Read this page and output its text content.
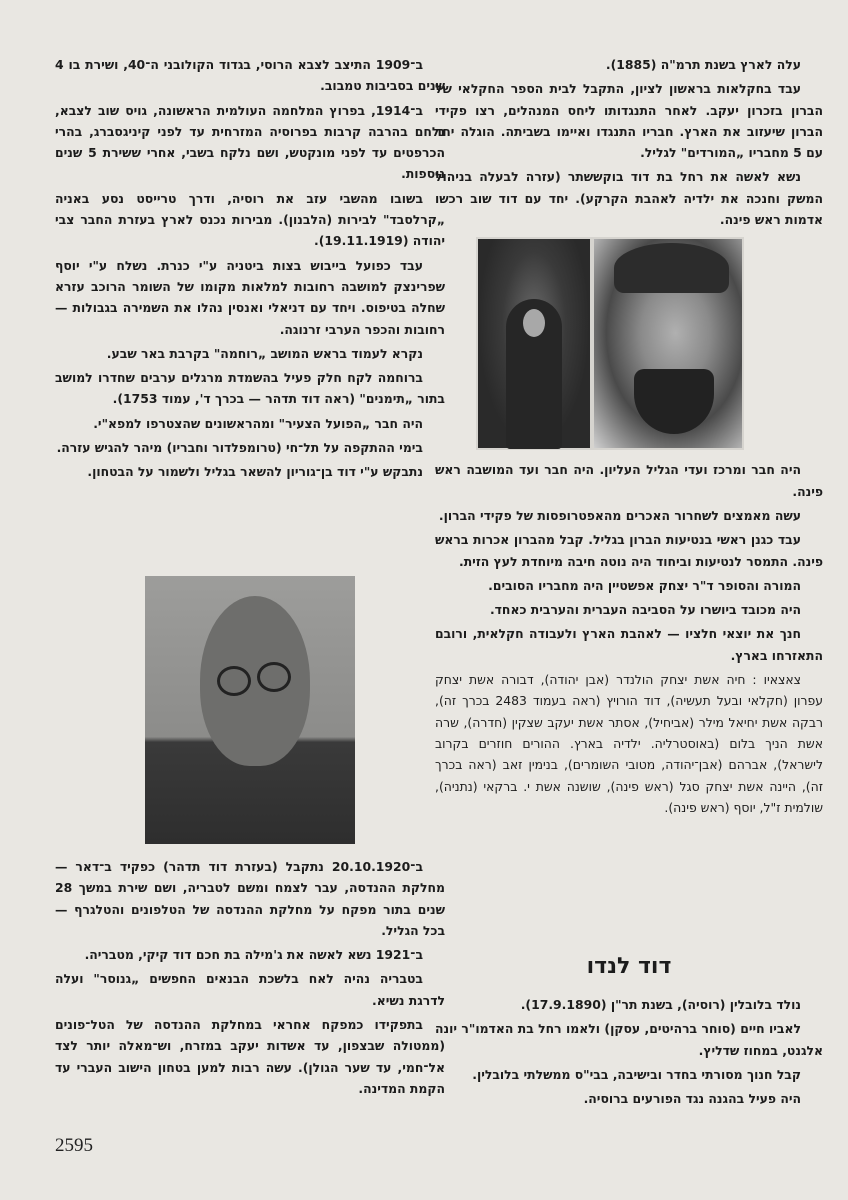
עלה לארץ בשנת תרמ"ה (1885).

עבד בחקלאות בראשון לציון, התקבל לבית הספר החקלאי של הברון בזכרון יעקב. לאחר התנגדותו ליחס המנהלים, רצו פקידי הברון שיעזוב את הארץ. חבריו התנגדו ואיימו בשביתה. הוגלה יחד עם 5 מחבריו „המורדים" לגליל.

נשא לאשה את רחל בת דוד בוקששתר (עזרה לבעלה בניהול המשק וחנכה את ילדיה לאהבת הקרקע). יחד עם דוד שוב רכשו אדמות ראש פינה.

היה חבר ומרכז ועדי הגליל העליון. היה חבר ועד המושבה ראש פינה.

עשה מאמצים לשחרור האכרים מהאפטרופסות של פקידי הברון.

עבד כגנן ראשי בנטיעות הברון בגליל. קבל מהברון אכרות בראש פינה. התמסר לנטיעות וביחוד היה נוטה חיבה מיוחדת לעץ הזית.

המורה והסופר ד"ר יצחק אפשטיין היה מחבריו הסובים.

היה מכובד ביושרו על הסביבה העברית והערבית כאחד.

חנך את יוצאי חלציו — לאהבת הארץ ולעבודה חקלאית, ורובם התאזרחו בארץ.

צאצאיו : חיה אשת יצחק הולנדר (אבן יהודה), דבורה אשת יצחק עפרון (חקלאי ובעל תעשיה), דוד הורויץ (ראה בעמוד 2483 בכרך זה), רבקה אשת יחיאל מילר (אביחיל), אסתר אשת יעקב שצקין (חדרה), שרה אשת הניך בלום (באוסטרליה. ילדיה בארץ. ההורים חוזרים בקרוב לישראל), אברהם (אבן־יהודה, מטובי השומרים), בנימין זאב (ראה בכרך זה), היינה אשת יצחק סגל (ראש פינה), שושנה אשת י. ברקאי (נתניה), שולמית ז"ל, יוסף (ראש פינה).

דוד לנדו

נולד בלובלין (רוסיה), בשנת תר"ן (17.9.1890).

לאביו חיים (סוחר ברהיטים, עסקן) ולאמו רחל בת האדמו"ר יונה אלגנט, במחוז שדליץ.

קבל חנוך מסורתי בחדר ובישיבה, בבי"ס ממשלתי בלובלין.

היה פעיל בהגנה נגד הפורעים ברוסיה.

ב־1909 התיצב לצבא הרוסי, בגדוד הקולובני ה־40, ושירת בו 4 שנים בסביבות טמבוב.

ב־1914, בפרוץ המלחמה העולמית הראשונה, גויס שוב לצבא, נלחם בהרבה קרבות בפרוסיה המזרחית עד לפני קיניגסברג, בהרי הכרפטים עד לפני מונקטש, ושם נלקח בשבי, אחרי ששירת 5 שנים נוספות.

בשובו מהשבי עזב את רוסיה, ודרך טרייסט נסע באניה „קרלסבד" לבירות (הלבנון). מבירות נכנס לארץ בעזרת החבר צבי יהודה (19.11.1919).

עבד כפועל בייבוש בצות ביטניה ע"י כנרת. נשלח ע"י יוסף שפרינצק למושבה רחובות למלאות מקומו של השומר הרוכב עזרא שחלה בטיפוס. ויחד עם דניאלי ואנסין נהלו את השמירה בגבולות — רחובות והכפר הערבי זרנוגה.

נקרא לעמוד בראש המושב „רוחמה" בקרבת באר שבע.

ברוחמה לקח חלק פעיל בהשמדת מרגלים ערבים שחדרו למושב בתור „תימנים" (ראה דוד תדהר — בכרך ד', עמוד 1753).

היה חבר „הפועל הצעיר" ומהראשונים שהצטרפו למפא"י.

בימי ההתקפה על תל־חי (טרומפלדור וחבריו) מיהר להגיש עזרה.

נתבקש ע"י דוד בן־גוריון להשאר בגליל ולשמור על הבטחון.

ב־20.10.1920 נתקבל (בעזרת דוד תדהר) כפקיד ב־דאר — מחלקת ההנדסה, עבר לצמח ומשם לטבריה, ושם שירת במשך 28 שנים בתור מפקח על מחלקת ההנדסה של הטלפונים והטלגרף — בכל הגליל.

ב־1921 נשא לאשה את ג'מילה בת חכם דוד קיקי, מטבריה.

בטבריה נהיה לאח בלשכת הבנאים החפשים „גנוסר" ועלה לדרגת נשיא.

בתפקידו כמפקח אחראי במחלקת ההנדסה של הטל־פונים (ממטולה שבצפון, עד אשדות יעקב במזרח, וש־מאלה יותר לצד אל־חמי, עד שער הגולן). עשה רבות למען בטחון הישוב העברי עד הקמת המדינה.

2595
